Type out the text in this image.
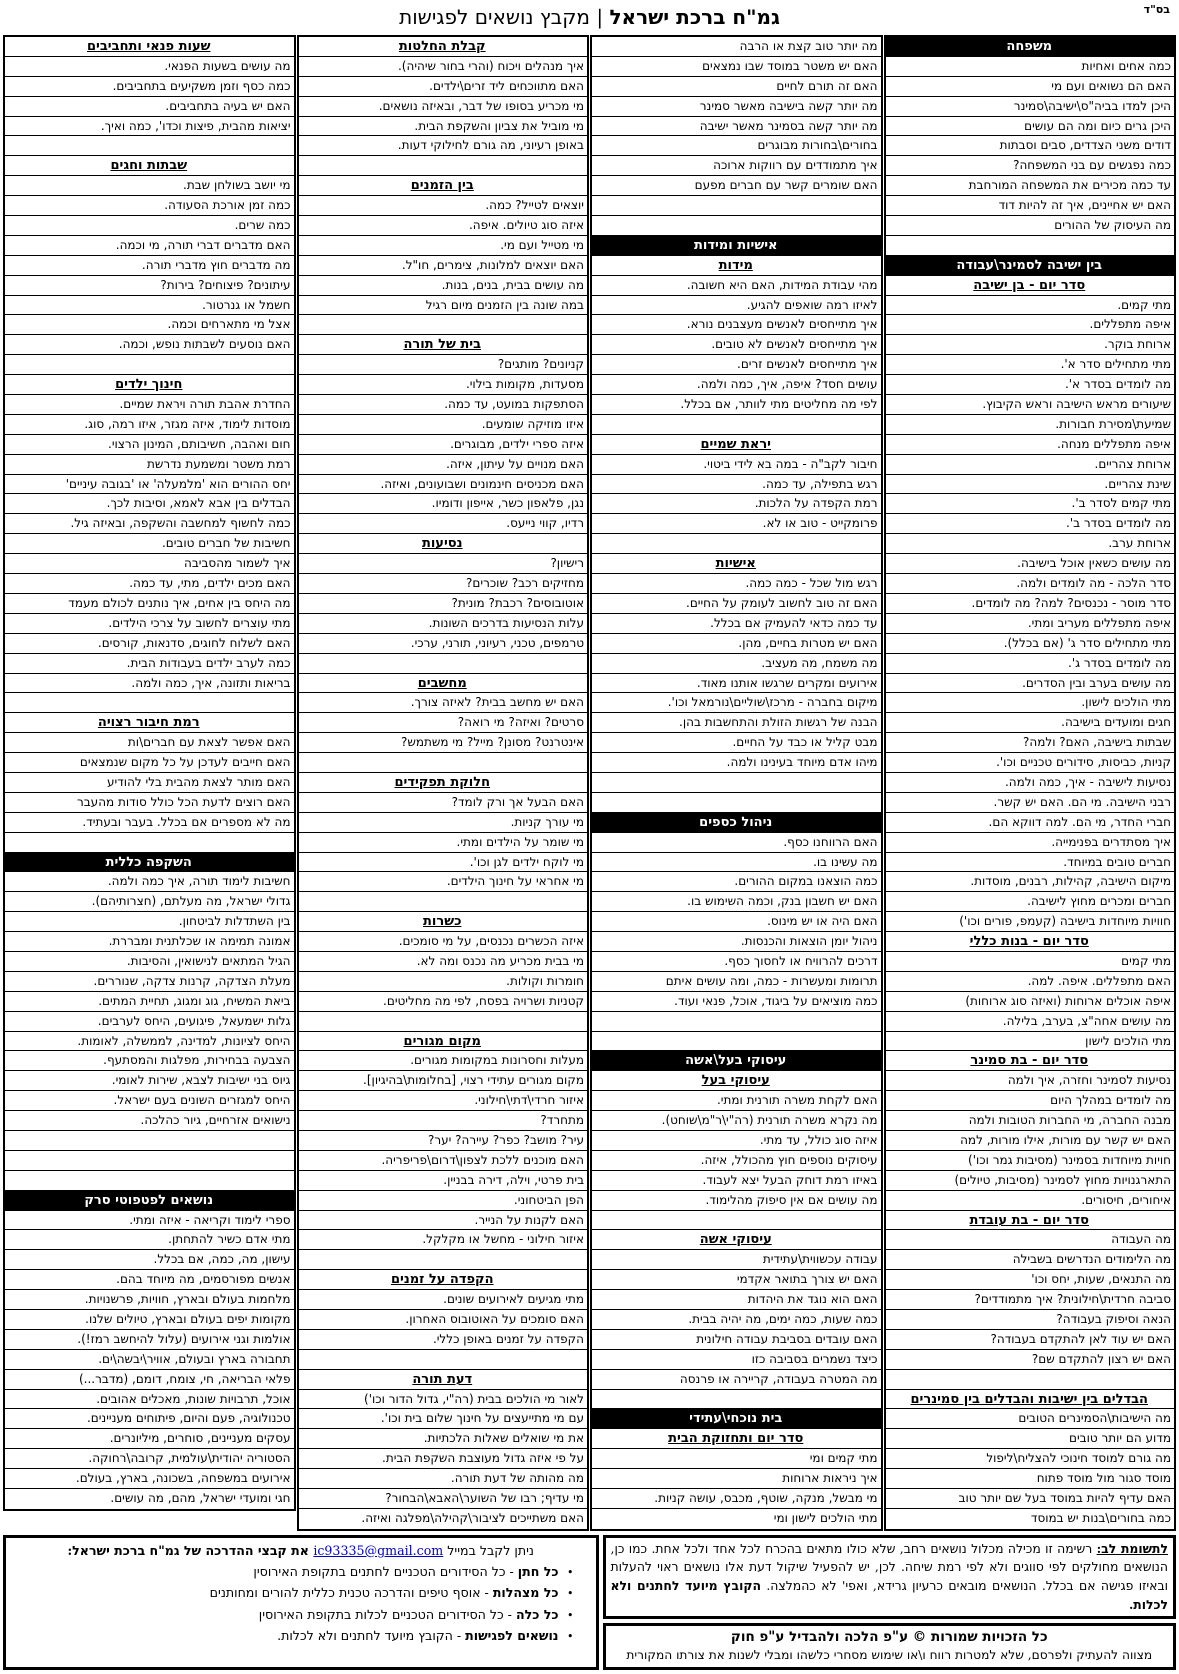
בס"ד
גמ"ח ברכת ישראל | מקבץ נושאים לפגישות
משפחה
כמה אחים ואחיות
האם הם נשואים ועם מי
היכן למדו בביה"ס\ישיבה\סמינר
היכן גרים כיום ומה הם עושים
דודים משני הצדדים, סבים וסבתות
כמה נפגשים עם בני המשפחה?
עד כמה מכירים את המשפחה המורחבת
האם יש אחיינים, איך זה להיות דוד
מה העיסוק של ההורים

בין ישיבה לסמינר\עבודה
סדר יום - בן ישיבה
מתי קמים.
איפה מתפללים.
ארוחת בוקר.
מתי מתחילים סדר א'.
מה לומדים בסדר א'.
שיעורים מראש הישיבה וראש הקיבוץ.
שמיעת\מסירת חבורות.
איפה מתפללים מנחה.
ארוחת צהריים.
שינת צהריים.
מתי קמים לסדר ב'.
מה לומדים בסדר ב'.
ארוחת ערב.
מה עושים כשאין אוכל בישיבה.
סדר הלכה - מה לומדים ולמה.
סדר מוסר - נכנסים? למה? מה לומדים.
איפה מתפללים מעריב ומתי.
מתי מתחילים סדר ג' (אם בכלל).
מה לומדים בסדר ג'.
מה עושים בערב ובין הסדרים.
מתי הולכים לישון.
חגים ומועדים בישיבה.
שבתות בישיבה, האם? ולמה?
קניות, כביסות, סידורים טכניים וכו'.
נסיעות לישיבה - איך, כמה ולמה.
רבני הישיבה. מי הם. האם יש קשר.
חברי החדר, מי הם. למה דווקא הם.
איך מסתדרים בפנימייה.
חברים טובים במיוחד.
מיקום הישיבה, קהילות, רבנים, מוסדות.
חברים ומכרים מחוץ לישיבה.
חוויות מיוחדות בישיבה (קעמפ, פורים וכו')
סדר יום - בנות כללי
מתי קמים
האם מתפללים. איפה. למה.
איפה אוכלים ארוחות (ואיזה סוג ארוחות)
מה עושים אחה"צ, בערב, בלילה.
מתי הולכים לישון
סדר יום - בת סמינר
נסיעות לסמינר וחזרה, איך ולמה
מה לומדים במהלך היום
מבנה החברה, מי החברות הטובות ולמה
האם יש קשר עם מורות, אילו מורות, למה
חויות מיוחדות בסמינר (מסיבות גמר וכו')
התארגנויות מחוץ לסמינר (מסיבות, טיולים)
איחורים, חיסורים.
סדר יום - בת עובדת
מה העבודה
מה הלימודים הנדרשים בשבילה
מה התנאים, שעות, יחס וכו'
סביבה חרדית\חילונית? איך מתמודדים?
הנאה וסיפוק בעבודה?
האם יש עוד לאן להתקדם בעבודה?
האם יש רצון להתקדם שם?

הבדלים בין ישיבות והבדלים בין סמינרים
מה הישיבות\הסמינרים הטובים
מדוע הם יותר טובים
מה גורם למוסד חינוכי להצליח\ליפול
מוסד סגור מול מוסד פתוח
האם עדיף להיות במוסד בעל שם יותר טוב
כמה בחורים\בנות יש במוסד
מה יותר טוב קצת או הרבה
האם יש משטר במוסד שבו נמצאים
האם זה תורם לחיים
מה יותר קשה בישיבה מאשר סמינר
מה יותר קשה בסמינר מאשר ישיבה
בחורים\בחורות מבוגרים
איך מתמודדים עם רווקות ארוכה
האם שומרים קשר עם חברים מפעם

אישיות ומידות
מידות
מהי עבודת המידות, האם היא חשובה.
לאיזו רמה שואפים להגיע.
איך מתייחסים לאנשים מעצבנים נורא.
איך מתייחסים לאנשים לא טובים.
איך מתייחסים לאנשים זרים.
עושים חסד? איפה, איך, כמה ולמה.
לפי מה מחליטים מתי לוותר, אם בכלל.

יראת שמיים
חיבור לקב"ה - במה בא לידי ביטוי.
רגש בתפילה, עד כמה.
רמת הקפדה על הלכות.
פרומקייט - טוב או לא.

אישיות
רגש מול שכל - כמה כמה.
האם זה טוב לחשוב לעומק על החיים.
עד כמה כדאי להעמיק אם בכלל.
האם יש מטרות בחיים, מהן.
מה משמח, מה מעציב.
אירועים ומקרים שרגשו אותנו מאוד.
מיקום בחברה - מרכז\שוליים\נורמאל וכו'.
הבנה של רגשות הזולת והתחשבות בהן.
מבט קליל או כבד על החיים.
מיהו אדם מיוחד בעינינו ולמה.

ניהול כספים
האם הרווחנו כסף.
מה עשינו בו.
כמה הוצאנו במקום ההורים.
האם יש חשבון בנק, וכמה השימוש בו.
האם היה או יש מינוס.
ניהול יומן הוצאות והכנסות.
דרכים להרוויח או לחסוך כסף.
תרומות ומעשרות - כמה, ומה עושים איתם
כמה מוציאים על ביגוד, אוכל, פנאי ועוד.

עיסוקי בעל\אשה
עיסוקי בעל
האם לקחת משרה תורנית ומתי.
מה נקרא משרה תורנית (רה"י\ר"מ\שוחט).
איזה סוג כולל, עד מתי.
עיסוקים נוספים חוץ מהכולל, איזה.
באיזו רמת דוחק הבעל יצא לעבוד.
מה עושים אם אין סיפוק מהלימוד.

עיסוקי אשה
עבודה עכשווית\עתידית
האם יש צורך בתואר אקדמי
האם הוא נוגד את היהדות
כמה שעות, כמה ימים, מה יהיה בבית.
האם עובדים בסביבת עבודה חילונית
כיצד נשמרים בסביבה כזו
מה המטרה בעבודה, קריירה או פרנסה

בית נוכחי\עתידי
סדר יום ותחזוקת הבית
מתי קמים ומי
איך ניראות ארוחות
מי מבשל, מנקה, שוטף, מכבס, עושה קניות.
מתי הולכים לישון ומי
קבלת החלטות
איך מנהלים ויכוח (והרי בחור שיהיה).
האם מתווכחים ליד זרים\ילדים.
מי מכריע בסופו של דבר, ובאיזה נושאים.
מי מוביל את צביון והשקפת הבית.
באופן רעיוני, מה גורם לחילוקי דעות.

בין הזמנים
יוצאים לטייל? כמה.
איזה סוג טיולים. איפה.
מי מטייל ועם מי.
האם יוצאים למלונות, צימרים, חו"ל.
מה עושים בבית, בנים, בנות.
במה שונה בין הזמנים מיום רגיל

בית של תורה
קניונים? מותגים?
מסעדות, מקומות בילוי.
הסתפקות במועט, עד כמה.
איזו מוזיקה שומעים.
איזה ספרי ילדים, מבוגרים.
האם מנויים על עיתון, איזה.
האם מכניסים חינמונים ושבועונים, ואיזה.
נגן, פלאפון כשר, אייפון ודומיו.
רדיו, קווי נייעס.
נסיעות
רישיון?
מחזיקים רכב? שוכרים?
אוטובוסים? רכבת? מונית?
עלות הנסיעות בדרכים השונות.
טרמפים, טכני, רעיוני, תורני, ערכי.

מחשבים
האם יש מחשב בבית? לאיזה צורך.
סרטים? ואיזה? מי רואה?
אינטרנט? מסונן? מייל? מי משתמש?

חלוקת תפקידים
האם הבעל אך ורק לומד?
מי עורך קניות.
מי שומר על הילדים ומתי.
מי לוקח ילדים לגן וכו'.
מי אחראי על חינוך הילדים.

כשרות
איזה הכשרים נכנסים, על מי סומכים.
מי בבית מכריע מה נכנס ומה לא.
חומרות וקולות.
קטניות ושרויה בפסח, לפי מה מחליטים.

מקום מגורים
מעלות וחסרונות במקומות מגורים.
מקום מגורים עתידי רצוי, [בחלומות\בהיגיון].
איזור חרדי\דתי\חילוני.
מתחרד?
עיר? מושב? כפר? עיירה? יער?
האם מוכנים ללכת לצפון\דרום\פריפריה.
בית פרטי, וילה, דירה בבניין.
הפן הביטחוני.
האם לקנות על הנייר.
איזור חילוני - מחשל או מקלקל.

הקפדה על זמנים
מתי מגיעים לאירועים שונים.
האם סומכים על האוטובוס האחרון.
הקפדה על זמנים באופן כללי.

דעת תורה
לאור מי הולכים בבית (רה"י, גדול הדור וכו')
עם מי מתייעצים על חינוך שלום בית וכו'.
את מי שואלים שאלות הלכתיות.
על פי איזה גדול מעוצבת השקפת הבית.
מה מהותה של דעת תורה.
מי עדיף; רבו של השוער\האבא\הבחור?
האם משתייכים לציבור\קהילה\מפלגה ואיזה.
שעות פנאי ותחביבים
מה עושים בשעות הפנאי.
כמה כסף וזמן משקיעים בתחביבים.
האם יש בעיה בתחביבים.
יציאות מהבית, פיצות וכדו', כמה ואיך.

שבתות וחגים
מי יושב בשולחן שבת.
כמה זמן אורכת הסעודה.
כמה שרים.
האם מדברים דברי תורה, מי וכמה.
מה מדברים חוץ מדברי תורה.
עיתונים? פיצוחים? בירות?
חשמל או גנרטור.
אצל מי מתארחים וכמה.
האם נוסעים לשבתות נופש, וכמה.

חינוך ילדים
החדרת אהבת תורה ויראת שמיים.
מוסדות לימוד, איזה מגזר, איזו רמה, סוג.
חום ואהבה, חשיבותם, המינון הרצוי.
רמת משטר ומשמעת נדרשת
יחס ההורים הוא 'מלמעלה' או 'בגובה עיניים'
הבדלים בין אבא לאמא, וסיבות לכך.
כמה לחשוף למחשבה והשקפה, ובאיזה גיל.
חשיבות של חברים טובים.
איך לשמור מהסביבה
האם מכים ילדים, מתי, עד כמה.
מה היחס בין אחים, איך נותנים לכולם מעמד
מתי עוצרים לחשוב על צרכי הילדים.
האם לשלוח לחוגים, סדנאות, קורסים.
כמה לערב ילדים בעבודות הבית.
בריאות ותזונה, איך, כמה ולמה.

רמת חיבור רצויה
האם אפשר לצאת עם חברים\ות
האם חייבים לעדכן על כל מקום שנמצאים
האם מותר לצאת מהבית בלי להודיע
האם רוצים לדעת הכל כולל סודות מהעבר
מה לא מספרים אם בכלל. בעבר ובעתיד.

השקפה כללית
חשיבות לימוד תורה, איך כמה ולמה.
גדולי ישראל, מה מעלתם, (חצרותיהם).
בין השתדלות לביטחון.
אמונה תמימה או שכלתנית ומבררת.
הגיל המתאים לנישואין, והסיבות.
מעלת הצדקה, קרנות צדקה, שנוררים.
ביאת המשיח, גוג ומגוג, תחיית המתים.
גלות ישמעאל, פיגועים, היחס לערבים.
היחס לציונות, למדינה, לממשלה, לאומות.
הצבעה בבחירות, מפלגות והמסתעף.
גיוס בני ישיבות לצבא, שירות לאומי.
היחס למגזרים השונים בעם ישראל.
נישואים אזרחיים, גיור כהלכה.

נושאים לפטפוטי סרק
ספרי לימוד וקריאה - איזה ומתי.
מתי אדם כשיר להתחתן.
עישון, מה, כמה, אם בכלל.
אנשים מפורסמים, מה מיוחד בהם.
מלחמות בעולם ובארץ, חוויות, פרשנויות.
מקומות יפים בעולם ובארץ, טיולים שלנו.
אולמות וגני אירועים (עלול להיחשב רמז!).
תחבורה בארץ ובעולם, אוויר\יבשה\ים.
פלאי הבריאה, חי, צומח, דומם, (מדבר...)
אוכל, תרבויות שונות, מאכלים אהובים.
טכנולוגיה, פעם והיום, פיתוחים מעניינים.
עסקים מעניינים, סוחרים, מיליונרים.
הסטוריה יהודית\עולמית, קרובה\רחוקה.
אירועים במשפחה, בשכונה, בארץ, בעולם.
חגי ומועדי ישראל, מהם, מה עושים.
לתשומת לב: רשימה זו מכילה מכלול נושאים רחב, שלא כולו מתאים בהכרח לכל אחד ולכל אחת. כמו כן, הנושאים מחולקים לפי סווגים ולא לפי רמת שיחה. לכן, יש להפעיל שיקול דעת אלו נושאים ראוי להעלות ובאיזו פגישה אם בכלל. הנושאים מובאים כרעיון גרידא, ואפי' לא כהמלצה. הקובץ מיועד לחתנים ולא לכלות.
כל הזכויות שמורות © ע"פ הלכה ולהבדיל ע"פ חוק
מצווה להעתיק ולפרסם, שלא למטרות רווח ו\או שימוש מסחרי כלשהו ומבלי לשנות את צורתו המקורית
ניתן לקבל במייל ic93335@gmail.com את קבצי ההדרכה של גמ"ח ברכת ישראל:
• כל חתן - כל הסידורים הטכניים לחתנים בתקופת האירוסין
• כל מצהלות - אוסף טיפים והדרכה טכנית כללית להורים ומחותנים
• כל כלה - כל הסידורים הטכניים לכלות בתקופת האירוסין
• נושאים לפגישות - הקובץ מיועד לחתנים ולא לכלות.
